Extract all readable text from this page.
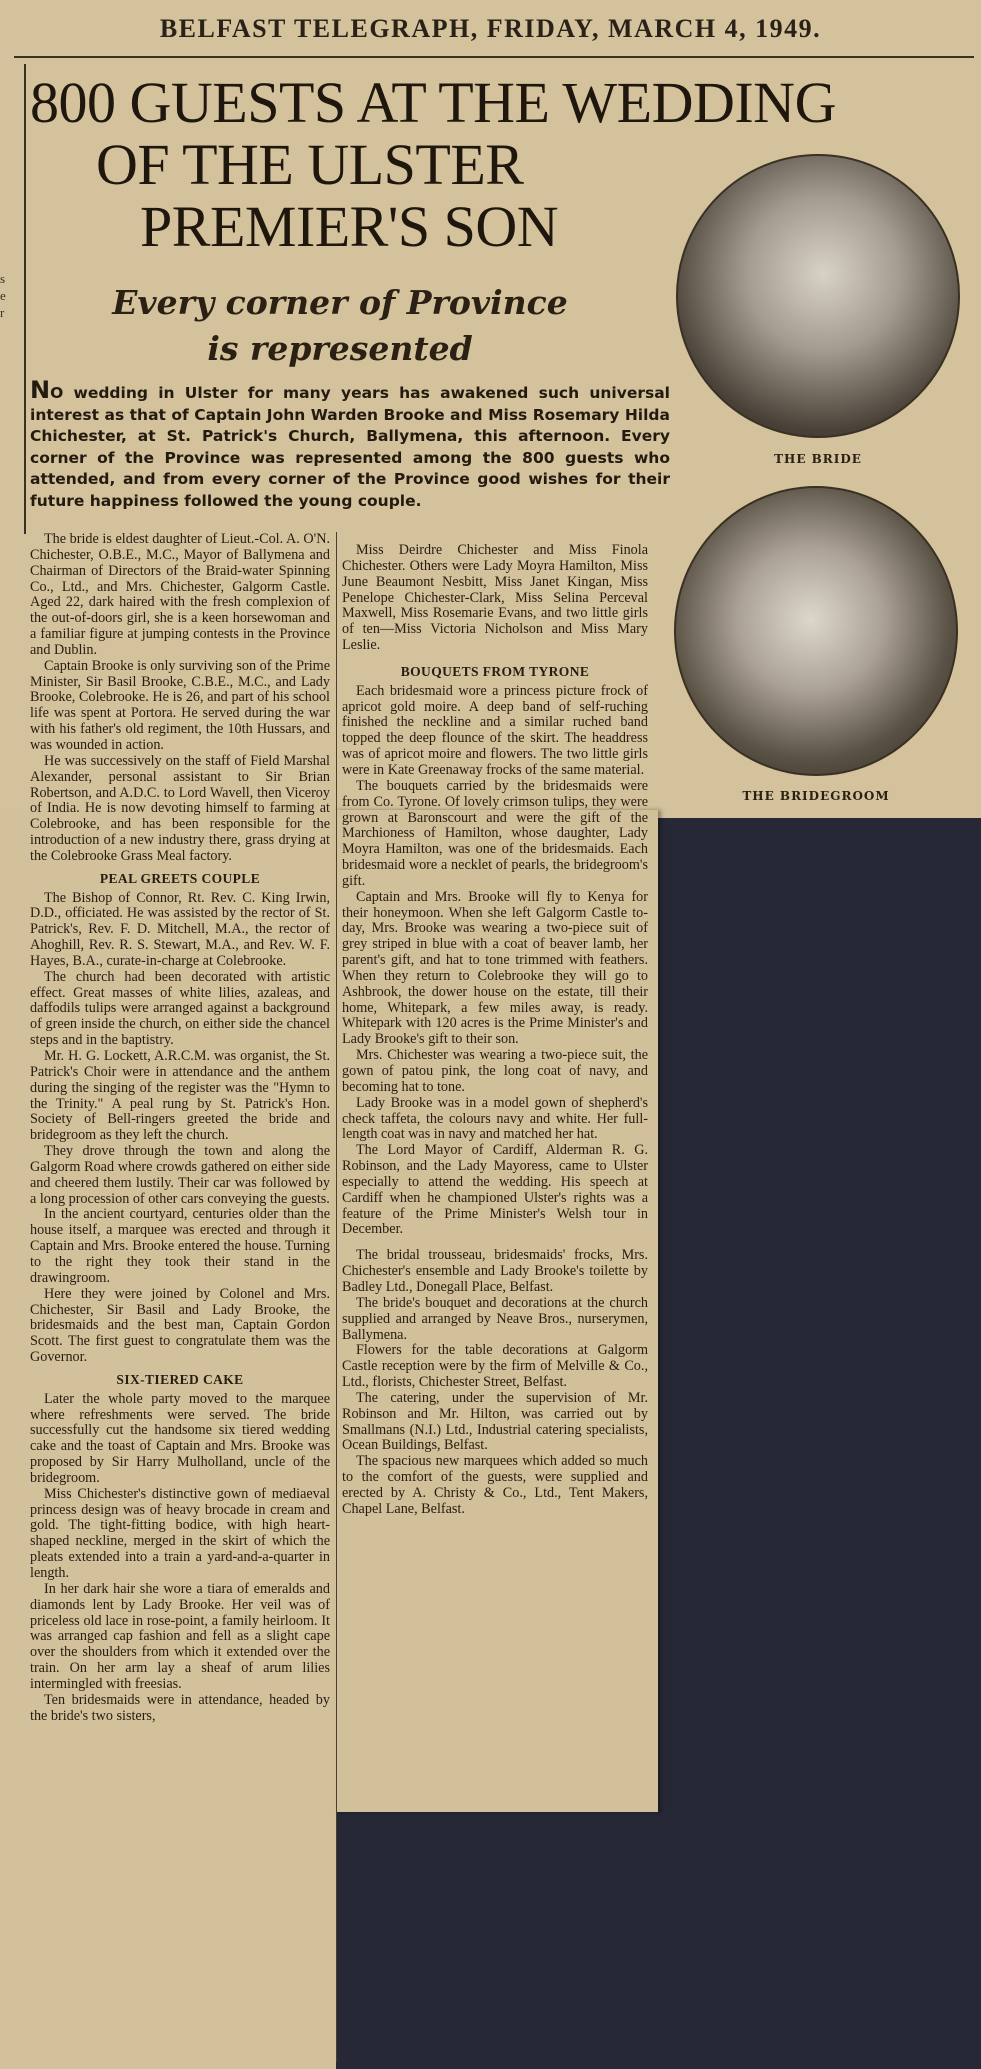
BELFAST TELEGRAPH, FRIDAY, MARCH 4, 1949.
s e r
800 GUESTS AT THE WEDDING
OF THE ULSTER
PREMIER'S SON
Every corner of Province
is represented
NO wedding in Ulster for many years has awakened such universal interest as that of Captain John Warden Brooke and Miss Rosemary Hilda Chichester, at St. Patrick's Church, Ballymena, this afternoon. Every corner of the Province was represented among the 800 guests who attended, and from every corner of the Province good wishes for their future happiness followed the young couple.
THE BRIDE
THE BRIDEGROOM

The bride is eldest daughter of Lieut.-Col. A. O'N. Chichester, O.B.E., M.C., Mayor of Ballymena and Chairman of Directors of the Braid-water Spinning Co., Ltd., and Mrs. Chichester, Galgorm Castle. Aged 22, dark haired with the fresh complexion of the out-of-doors girl, she is a keen horsewoman and a familiar figure at jumping contests in the Province and Dublin.

Captain Brooke is only surviving son of the Prime Minister, Sir Basil Brooke, C.B.E., M.C., and Lady Brooke, Colebrooke. He is 26, and part of his school life was spent at Portora. He served during the war with his father's old regiment, the 10th Hussars, and was wounded in action.

He was successively on the staff of Field Marshal Alexander, personal assistant to Sir Brian Robertson, and A.D.C. to Lord Wavell, then Viceroy of India. He is now devoting himself to farming at Colebrooke, and has been responsible for the introduction of a new industry there, grass drying at the Colebrooke Grass Meal factory.

PEAL GREETS COUPLE

The Bishop of Connor, Rt. Rev. C. King Irwin, D.D., officiated. He was assisted by the rector of St. Patrick's, Rev. F. D. Mitchell, M.A., the rector of Ahoghill, Rev. R. S. Stewart, M.A., and Rev. W. F. Hayes, B.A., curate-in-charge at Colebrooke.

The church had been decorated with artistic effect. Great masses of white lilies, azaleas, and daffodils tulips were arranged against a background of green inside the church, on either side the chancel steps and in the baptistry.

Mr. H. G. Lockett, A.R.C.M. was organist, the St. Patrick's Choir were in attendance and the anthem during the singing of the register was the "Hymn to the Trinity." A peal rung by St. Patrick's Hon. Society of Bell-ringers greeted the bride and bridegroom as they left the church.

They drove through the town and along the Galgorm Road where crowds gathered on either side and cheered them lustily. Their car was followed by a long procession of other cars conveying the guests.

In the ancient courtyard, centuries older than the house itself, a marquee was erected and through it Captain and Mrs. Brooke entered the house. Turning to the right they took their stand in the drawingroom.

Here they were joined by Colonel and Mrs. Chichester, Sir Basil and Lady Brooke, the bridesmaids and the best man, Captain Gordon Scott. The first guest to congratulate them was the Governor.

SIX-TIERED CAKE

Later the whole party moved to the marquee where refreshments were served. The bride successfully cut the handsome six tiered wedding cake and the toast of Captain and Mrs. Brooke was proposed by Sir Harry Mulholland, uncle of the bridegroom.

Miss Chichester's distinctive gown of mediaeval princess design was of heavy brocade in cream and gold. The tight-fitting bodice, with high heart-shaped neckline, merged in the skirt of which the pleats extended into a train a yard-and-a-quarter in length.

In her dark hair she wore a tiara of emeralds and diamonds lent by Lady Brooke. Her veil was of priceless old lace in rose-point, a family heirloom. It was arranged cap fashion and fell as a slight cape over the shoulders from which it extended over the train. On her arm lay a sheaf of arum lilies intermingled with freesias.

Ten bridesmaids were in attendance, headed by the bride's two sisters,

Miss Deirdre Chichester and Miss Finola Chichester. Others were Lady Moyra Hamilton, Miss June Beaumont Nesbitt, Miss Janet Kingan, Miss Penelope Chichester-Clark, Miss Selina Perceval Maxwell, Miss Rosemarie Evans, and two little girls of ten—Miss Victoria Nicholson and Miss Mary Leslie.

BOUQUETS FROM TYRONE

Each bridesmaid wore a princess picture frock of apricot gold moire. A deep band of self-ruching finished the neckline and a similar ruched band topped the deep flounce of the skirt. The headdress was of apricot moire and flowers. The two little girls were in Kate Greenaway frocks of the same material.

The bouquets carried by the bridesmaids were from Co. Tyrone. Of lovely crimson tulips, they were grown at Baronscourt and were the gift of the Marchioness of Hamilton, whose daughter, Lady Moyra Hamilton, was one of the bridesmaids. Each bridesmaid wore a necklet of pearls, the bridegroom's gift.

Captain and Mrs. Brooke will fly to Kenya for their honeymoon. When she left Galgorm Castle to-day, Mrs. Brooke was wearing a two-piece suit of grey striped in blue with a coat of beaver lamb, her parent's gift, and hat to tone trimmed with feathers. When they return to Colebrooke they will go to Ashbrook, the dower house on the estate, till their home, Whitepark, a few miles away, is ready. Whitepark with 120 acres is the Prime Minister's and Lady Brooke's gift to their son.

Mrs. Chichester was wearing a two-piece suit, the gown of patou pink, the long coat of navy, and becoming hat to tone.

Lady Brooke was in a model gown of shepherd's check taffeta, the colours navy and white. Her full-length coat was in navy and matched her hat.

The Lord Mayor of Cardiff, Alderman R. G. Robinson, and the Lady Mayoress, came to Ulster especially to attend the wedding. His speech at Cardiff when he championed Ulster's rights was a feature of the Prime Minister's Welsh tour in December.

The bridal trousseau, bridesmaids' frocks, Mrs. Chichester's ensemble and Lady Brooke's toilette by Badley Ltd., Donegall Place, Belfast.

The bride's bouquet and decorations at the church supplied and arranged by Neave Bros., nurserymen, Ballymena.

Flowers for the table decorations at Galgorm Castle reception were by the firm of Melville & Co., Ltd., florists, Chichester Street, Belfast.

The catering, under the supervision of Mr. Robinson and Mr. Hilton, was carried out by Smallmans (N.I.) Ltd., Industrial catering specialists, Ocean Buildings, Belfast.

The spacious new marquees which added so much to the comfort of the guests, were supplied and erected by A. Christy & Co., Ltd., Tent Makers, Chapel Lane, Belfast.
